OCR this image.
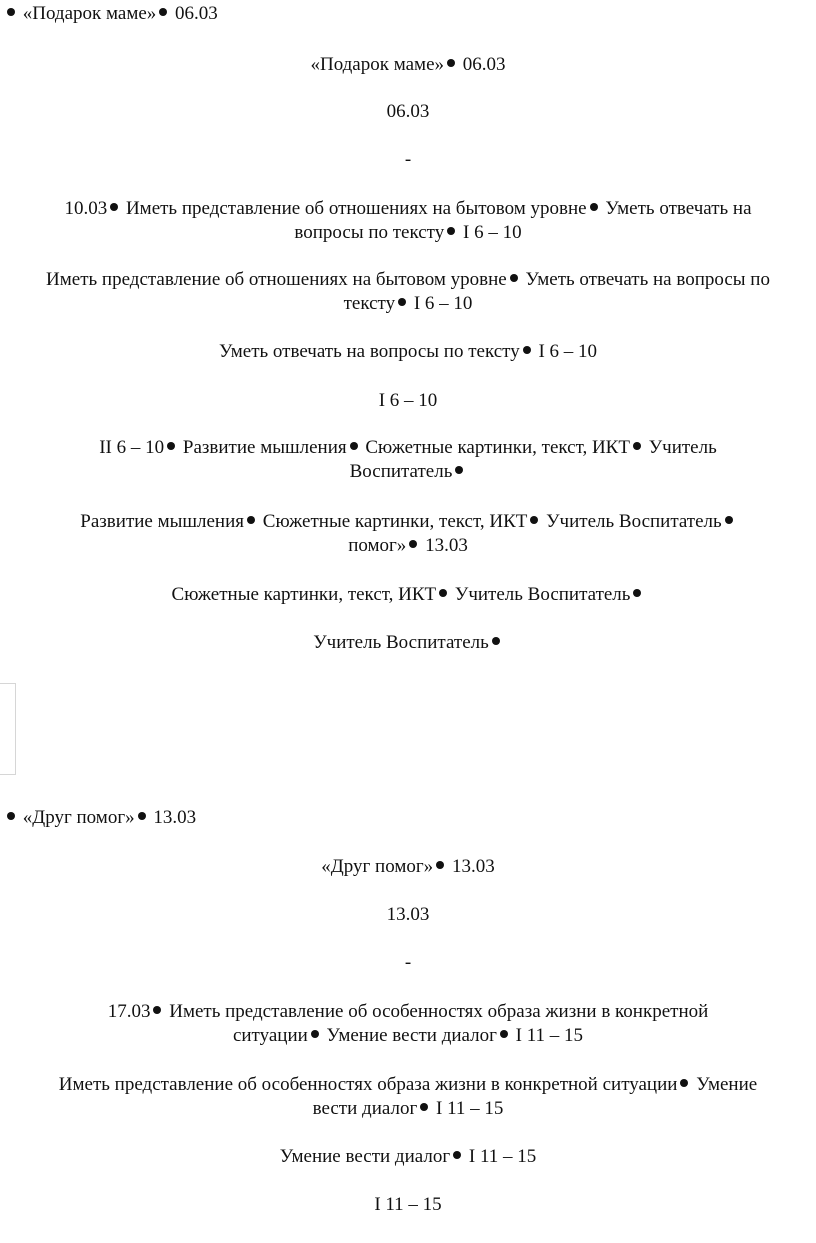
«Подарок маме» 06.03
«Подарок маме» 06.03
06.03
-
10.03 Иметь представление об отношениях на бытовом уровне Уметь отвечать на
вопросы по тексту I 6 – 10
Иметь представление об отношениях на бытовом уровне Уметь отвечать на вопросы по
тексту I 6 – 10
Уметь отвечать на вопросы по тексту I 6 – 10
I 6 – 10
II 6 – 10 Развитие мышления Сюжетные картинки, текст, ИКТ Учитель
Воспитатель
Развитие мышления Сюжетные картинки, текст, ИКТ Учитель Воспитатель
помог» 13.03
Сюжетные картинки, текст, ИКТ Учитель Воспитатель
Учитель Воспитатель
«Друг помог» 13.03
«Друг помог» 13.03
13.03
-
17.03 Иметь представление об особенностях образа жизни в конкретной
ситуации Умение вести диалог I 11 – 15
Иметь представление об особенностях образа жизни в конкретной ситуации Умение
вести диалог I 11 – 15
Умение вести диалог I 11 – 15
I 11 – 15
